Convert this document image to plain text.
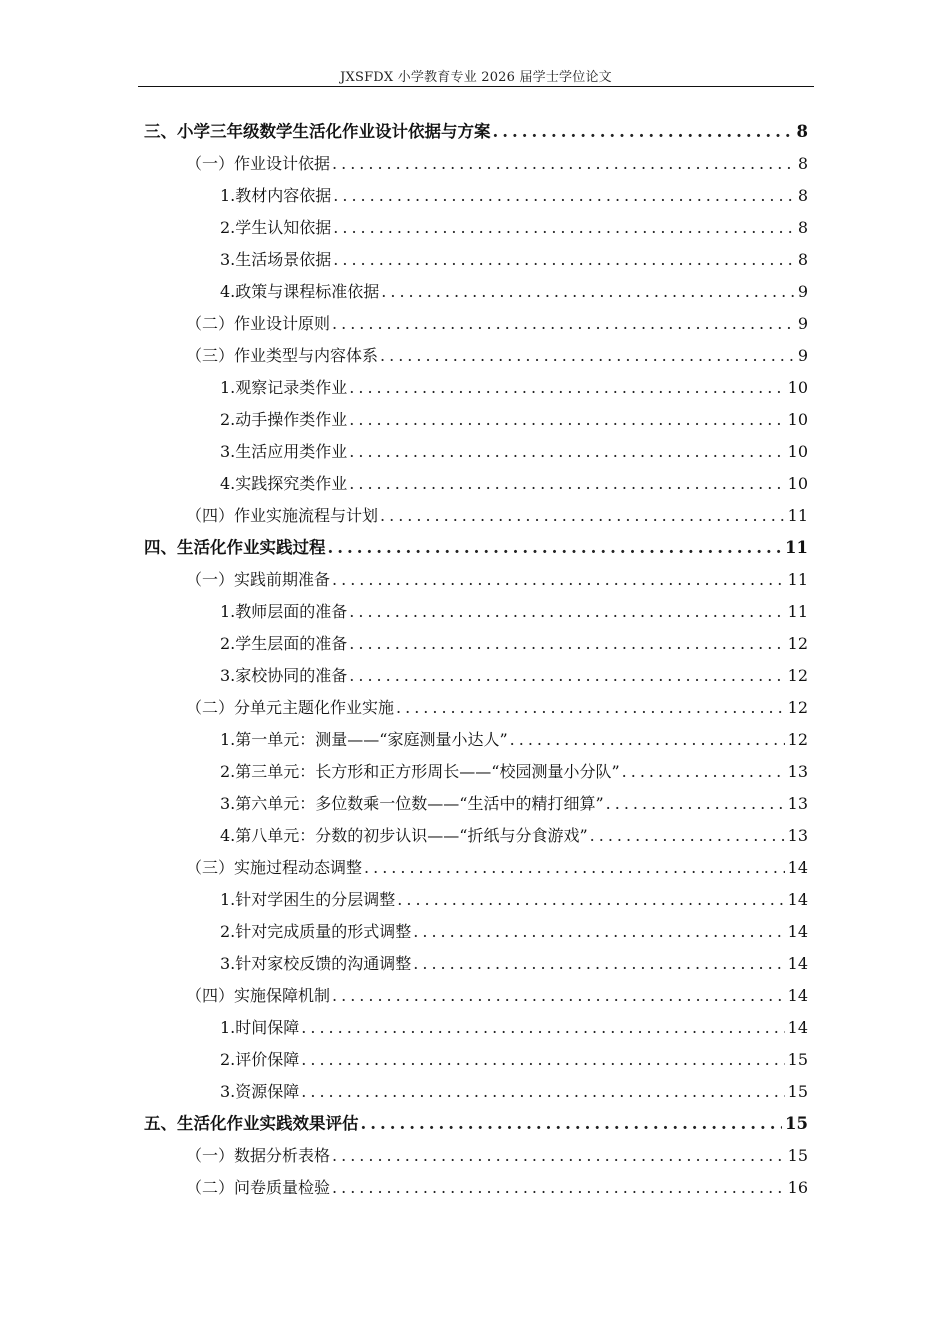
JXSFDX 小学教育专业 2026 届学士学位论文
三、小学三年级数学生活化作业设计依据与方案 .....	8
（一）作业设计依据 .....	8
1.教材内容依据 .....	8
2.学生认知依据 .....	8
3.生活场景依据 .....	8
4.政策与课程标准依据 .....	9
（二）作业设计原则 .....	9
（三）作业类型与内容体系 .....	9
1.观察记录类作业 .....	10
2.动手操作类作业 .....	10
3.生活应用类作业 .....	10
4.实践探究类作业 .....	10
（四）作业实施流程与计划 .....	11
四、生活化作业实践过程 .....	11
（一）实践前期准备 .....	11
1.教师层面的准备 .....	11
2.学生层面的准备 .....	12
3.家校协同的准备 .....	12
（二）分单元主题化作业实施 .....	12
1.第一单元：测量——“家庭测量小达人” .....	12
2.第三单元：长方形和正方形周长——“校园测量小分队” .....	13
3.第六单元：多位数乘一位数——“生活中的精打细算” .....	13
4.第八单元：分数的初步认识——“折纸与分食游戏” .....	13
（三）实施过程动态调整 .....	14
1.针对学困生的分层调整 .....	14
2.针对完成质量的形式调整 .....	14
3.针对家校反馈的沟通调整 .....	14
（四）实施保障机制 .....	14
1.时间保障 .....	14
2.评价保障 .....	15
3.资源保障 .....	15
五、生活化作业实践效果评估 .....	15
（一）数据分析表格 .....	15
（二）问卷质量检验 .....	16
